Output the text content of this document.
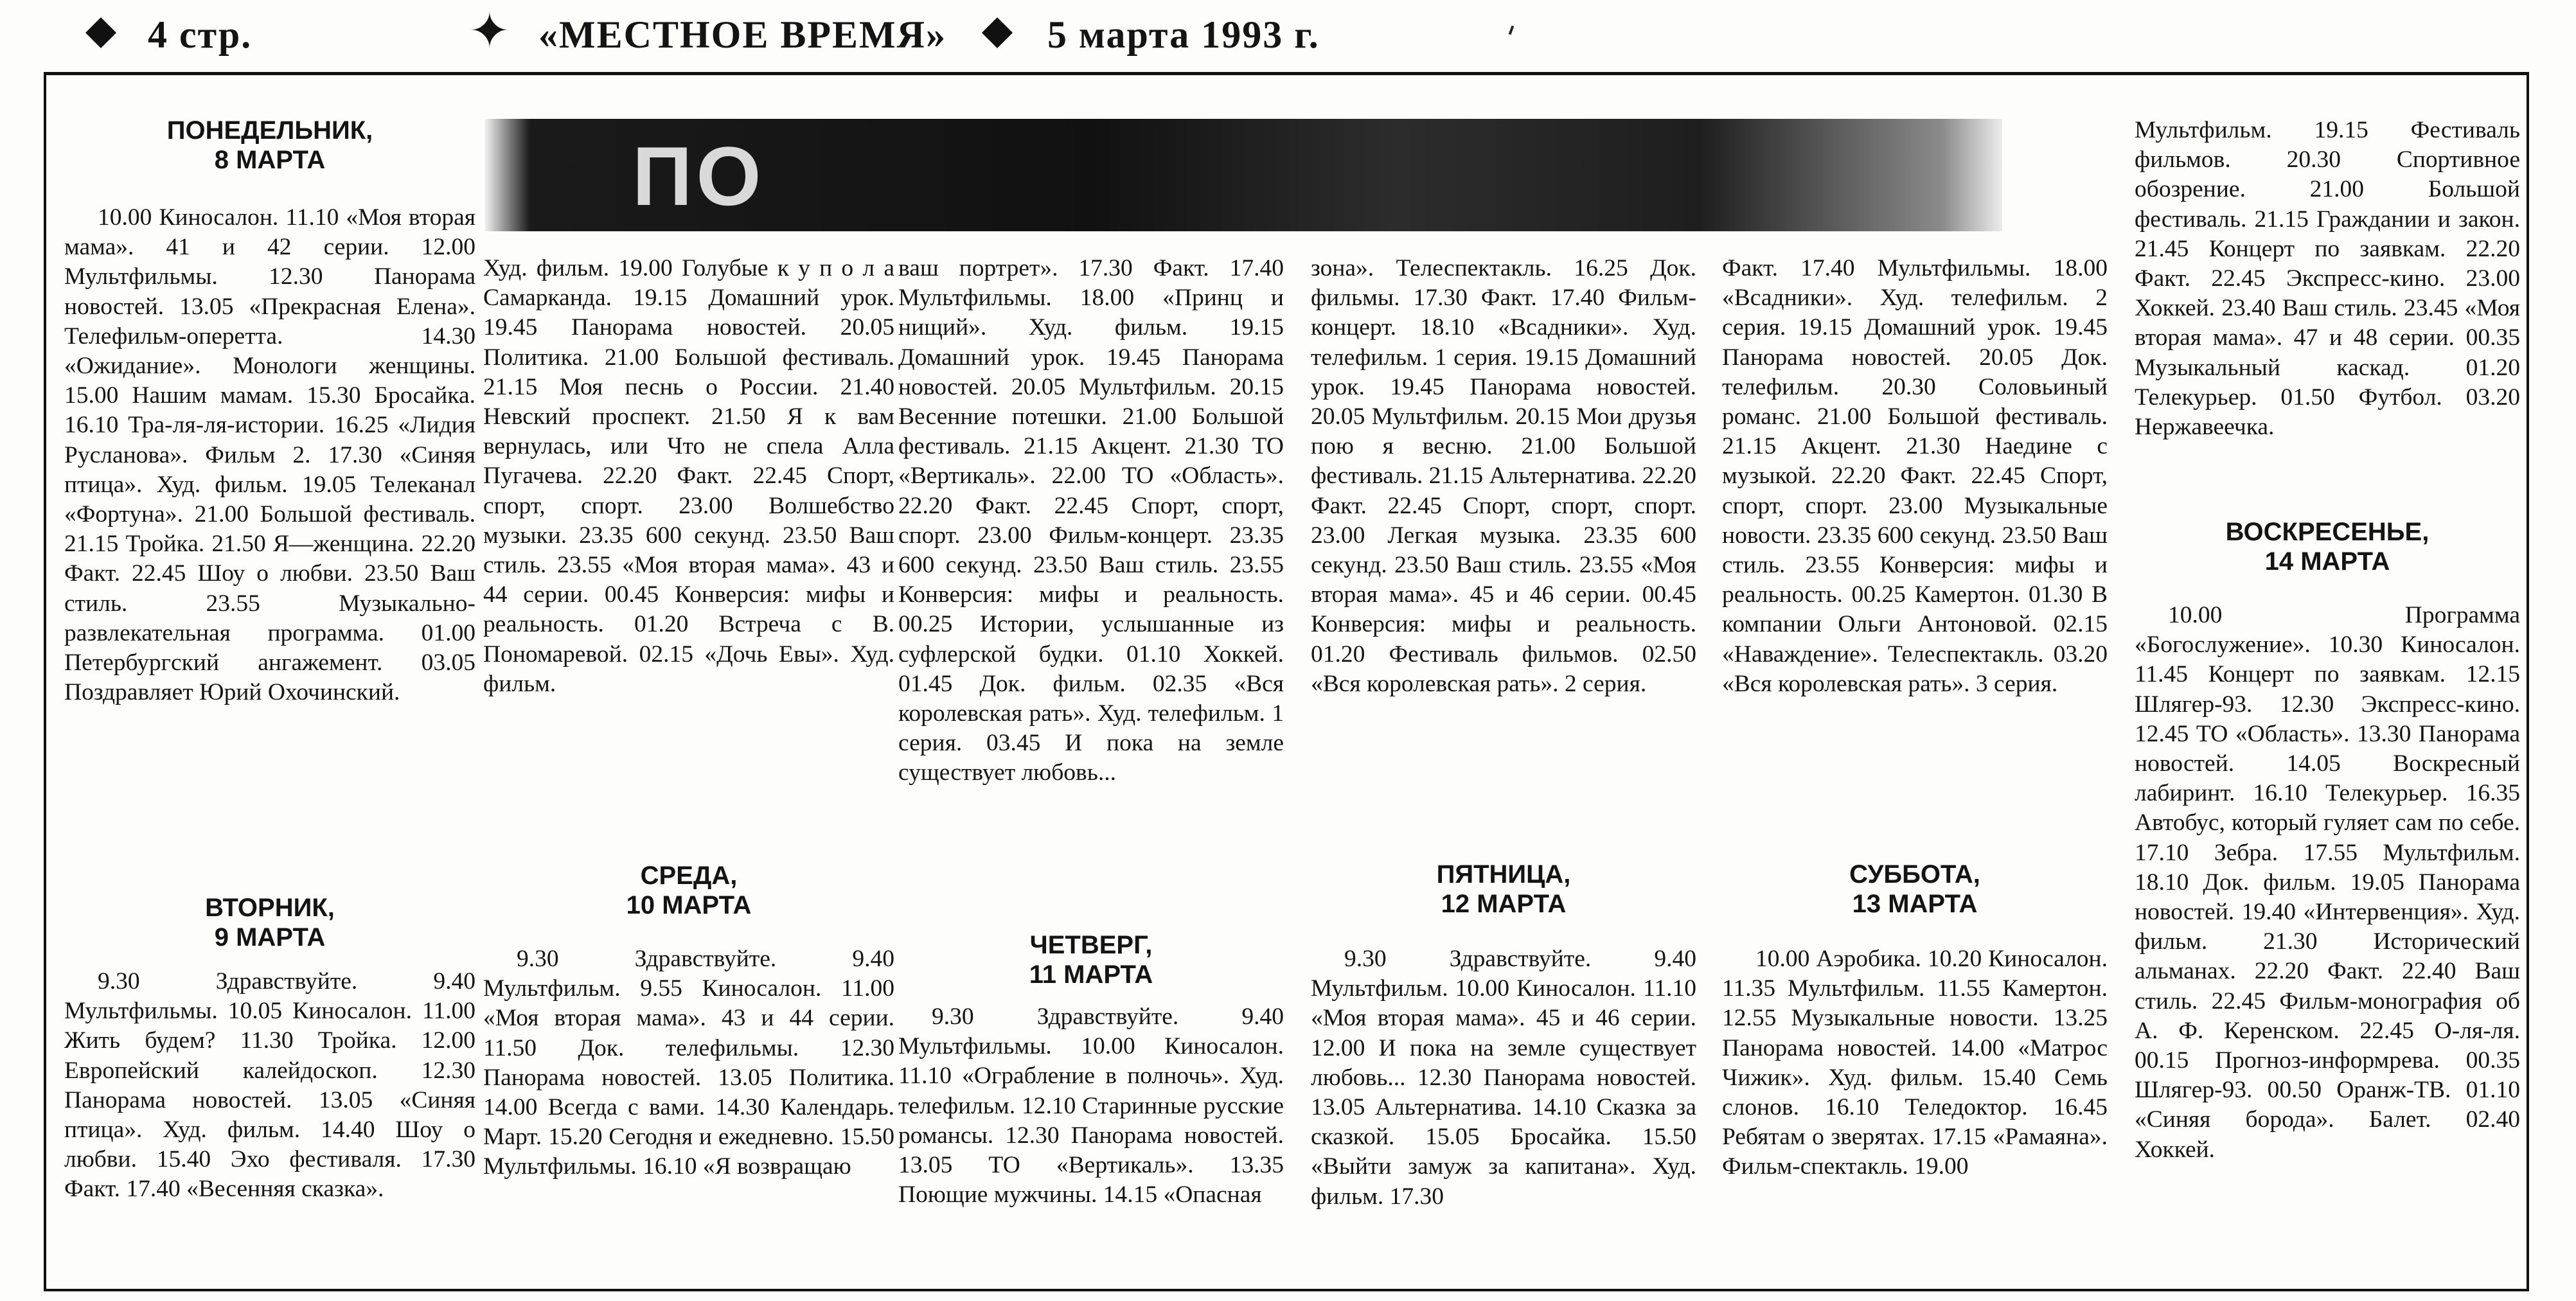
4 стр.	✦ «МЕСТНОЕ ВРЕМЯ»	5 марта 1993 г.
ПО
ПОНЕДЕЛЬНИК,
8 МАРТА

10.00 Киносалон. 11.10 «Моя вторая мама». 41 и 42 серии. 12.00 Мультфильмы. 12.30 Панорама новостей. 13.05 «Прекрасная Елена». Телефильм-оперетта. 14.30 «Ожидание». Монологи женщины. 15.00 Нашим мамам. 15.30 Бросайка. 16.10 Тра-ля-ля-истории. 16.25 «Лидия Русланова». Фильм 2. 17.30 «Синяя птица». Худ. фильм. 19.05 Телеканал «Фортуна». 21.00 Большой фестиваль. 21.15 Тройка. 21.50 Я—женщина. 22.20 Факт. 22.45 Шоу о любви. 23.50 Ваш стиль. 23.55 Музыкально-развлекательная программа. 01.00 Петербургский ангажемент. 03.05 Поздравляет Юрий Охочинский.

ВТОРНИК,
9 МАРТА

9.30 Здравствуйте. 9.40 Мультфильмы. 10.05 Киносалон. 11.00 Жить будем? 11.30 Тройка. 12.00 Европейский калейдоскоп. 12.30 Панорама новостей. 13.05 «Синяя птица». Худ. фильм. 14.40 Шоу о любви. 15.40 Эхо фестиваля. 17.30 Факт. 17.40 «Весенняя сказка».

Худ. фильм. 19.00 Голубые к у п о л а Самарканда. 19.15 Домашний урок. 19.45 Панорама новостей. 20.05 Политика. 21.00 Большой фестиваль. 21.15 Моя песнь о России. 21.40 Невский проспект. 21.50 Я к вам вернулась, или Что не спела Алла Пугачева. 22.20 Факт. 22.45 Спорт, спорт, спорт. 23.00 Волшебство музыки. 23.35 600 секунд. 23.50 Ваш стиль. 23.55 «Моя вторая мама». 43 и 44 серии. 00.45 Конверсия: мифы и реальность. 01.20 Встреча с В. Пономаревой. 02.15 «Дочь Евы». Худ. фильм.

СРЕДА,
10 МАРТА

9.30 Здравствуйте. 9.40 Мультфильм. 9.55 Киносалон. 11.00 «Моя вторая мама». 43 и 44 серии. 11.50 Док. телефильмы. 12.30 Панорама новостей. 13.05 Политика. 14.00 Всегда с вами. 14.30 Календарь. Март. 15.20 Сегодня и ежедневно. 15.50 Мультфильмы. 16.10 «Я возвращаю

ваш портрет». 17.30 Факт. 17.40 Мультфильмы. 18.00 «Принц и нищий». Худ. фильм. 19.15 Домашний урок. 19.45 Панорама новостей. 20.05 Мультфильм. 20.15 Весенние потешки. 21.00 Большой фестиваль. 21.15 Акцент. 21.30 ТО «Вертикаль». 22.00 ТО «Область». 22.20 Факт. 22.45 Спорт, спорт, спорт. 23.00 Фильм-концерт. 23.35 600 секунд. 23.50 Ваш стиль. 23.55 Конверсия: мифы и реальность. 00.25 Истории, услышанные из суфлерской будки. 01.10 Хоккей. 01.45 Док. фильм. 02.35 «Вся королевская рать». Худ. телефильм. 1 серия. 03.45 И пока на земле существует любовь...

ЧЕТВЕРГ,
11 МАРТА

9.30 Здравствуйте. 9.40 Мультфильмы. 10.00 Киносалон. 11.10 «Ограбление в полночь». Худ. телефильм. 12.10 Старинные русские романсы. 12.30 Панорама новостей. 13.05 ТО «Вертикаль». 13.35 Поющие мужчины. 14.15 «Опасная

зона». Телеспектакль. 16.25 Док. фильмы. 17.30 Факт. 17.40 Фильм-концерт. 18.10 «Всадники». Худ. телефильм. 1 серия. 19.15 Домашний урок. 19.45 Панорама новостей. 20.05 Мультфильм. 20.15 Мои друзья пою я весню. 21.00 Большой фестиваль. 21.15 Альтернатива. 22.20 Факт. 22.45 Спорт, спорт, спорт. 23.00 Легкая музыка. 23.35 600 секунд. 23.50 Ваш стиль. 23.55 «Моя вторая мама». 45 и 46 серии. 00.45 Конверсия: мифы и реальность. 01.20 Фестиваль фильмов. 02.50 «Вся королевская рать». 2 серия.

ПЯТНИЦА,
12 МАРТА

9.30 Здравствуйте. 9.40 Мультфильм. 10.00 Киносалон. 11.10 «Моя вторая мама». 45 и 46 серии. 12.00 И пока на земле существует любовь... 12.30 Панорама новостей. 13.05 Альтернатива. 14.10 Сказка за сказкой. 15.05 Бросайка. 15.50 «Выйти замуж за капитана». Худ. фильм. 17.30

Факт. 17.40 Мультфильмы. 18.00 «Всадники». Худ. телефильм. 2 серия. 19.15 Домашний урок. 19.45 Панорама новостей. 20.05 Док. телефильм. 20.30 Соловьиный романс. 21.00 Большой фестиваль. 21.15 Акцент. 21.30 Наедине с музыкой. 22.20 Факт. 22.45 Спорт, спорт, спорт. 23.00 Музыкальные новости. 23.35 600 секунд. 23.50 Ваш стиль. 23.55 Конверсия: мифы и реальность. 00.25 Камертон. 01.30 В компании Ольги Антоновой. 02.15 «Наваждение». Телеспектакль. 03.20 «Вся королевская рать». 3 серия.

СУББОТА,
13 МАРТА

10.00 Аэробика. 10.20 Киносалон. 11.35 Мультфильм. 11.55 Камертон. 12.55 Музыкальные новости. 13.25 Панорама новостей. 14.00 «Матрос Чижик». Худ. фильм. 15.40 Семь слонов. 16.10 Теледоктор. 16.45 Ребятам о зверятах. 17.15 «Рамаяна». Фильм-спектакль. 19.00

Мультфильм. 19.15 Фестиваль фильмов. 20.30 Спортивное обозрение. 21.00 Большой фестиваль. 21.15 Граждании и закон. 21.45 Концерт по заявкам. 22.20 Факт. 22.45 Экспресс-кино. 23.00 Хоккей. 23.40 Ваш стиль. 23.45 «Моя вторая мама». 47 и 48 серии. 00.35 Музыкальный каскад. 01.20 Телекурьер. 01.50 Футбол. 03.20 Нержавеечка.

ВОСКРЕСЕНЬЕ,
14 МАРТА

10.00 Программа «Богослужение». 10.30 Киносалон. 11.45 Концерт по заявкам. 12.15 Шлягер-93. 12.30 Экспресс-кино. 12.45 ТО «Область». 13.30 Панорама новостей. 14.05 Воскресный лабиринт. 16.10 Телекурьер. 16.35 Автобус, который гуляет сам по себе. 17.10 Зебра. 17.55 Мультфильм. 18.10 Док. фильм. 19.05 Панорама новостей. 19.40 «Интервенция». Худ. фильм. 21.30 Исторический альманах. 22.20 Факт. 22.40 Ваш стиль. 22.45 Фильм-монография об А. Ф. Керенском. 22.45 О-ля-ля. 00.15 Прогноз-информрева. 00.35 Шлягер-93. 00.50 Оранж-ТВ. 01.10 «Синяя борода». Балет. 02.40 Хоккей.
